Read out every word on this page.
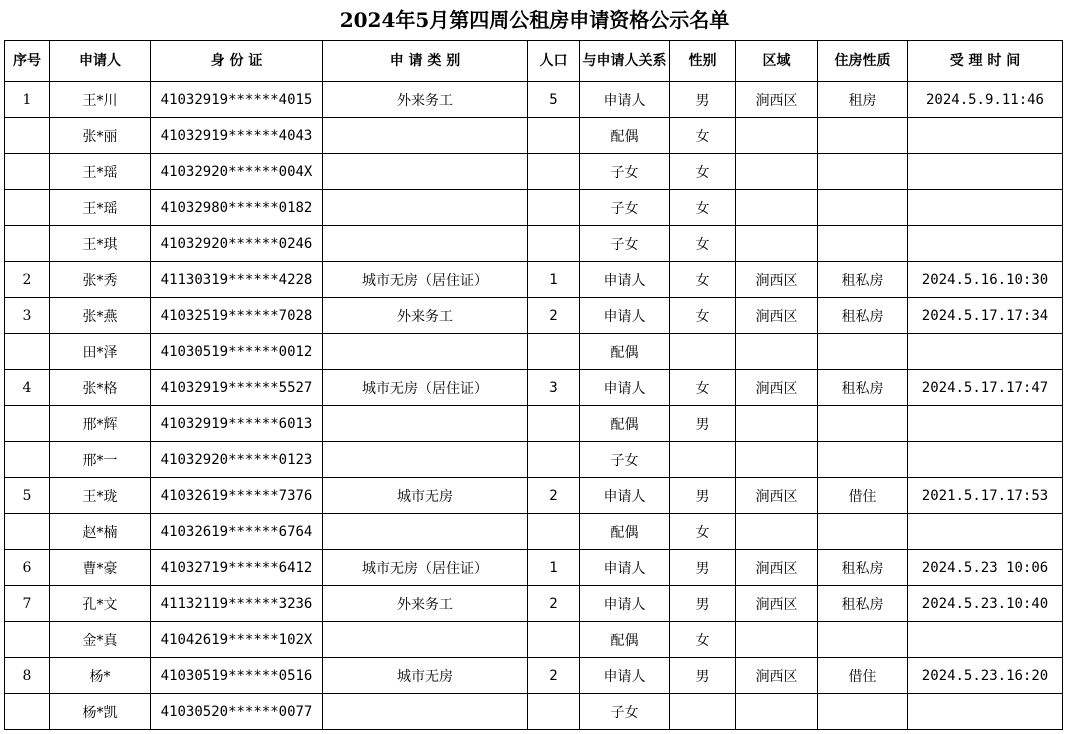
2024年5月第四周公租房申请资格公示名单
序号	申请人	身 份 证	申 请 类 别	人口	与申请人关系	性别	区域	住房性质	受 理 时 间
1	王*川	41032919******4015	外来务工	5	申请人	男	涧西区	租房	2024.5.9.11:46
	张*丽	41032919******4043			配偶	女			
	王*瑶	41032920******004X			子女	女			
	王*瑶	41032980******0182			子女	女			
	王*琪	41032920******0246			子女	女			
2	张*秀	41130319******4228	城市无房（居住证）	1	申请人	女	涧西区	租私房	2024.5.16.10:30
3	张*燕	41032519******7028	外来务工	2	申请人	女	涧西区	租私房	2024.5.17.17:34
	田*泽	41030519******0012			配偶				
4	张*格	41032919******5527	城市无房（居住证）	3	申请人	女	涧西区	租私房	2024.5.17.17:47
	邢*辉	41032919******6013			配偶	男			
	邢*一	41032920******0123			子女				
5	王*珑	41032619******7376	城市无房	2	申请人	男	涧西区	借住	2021.5.17.17:53
	赵*楠	41032619******6764			配偶	女			
6	曹*豪	41032719******6412	城市无房（居住证）	1	申请人	男	涧西区	租私房	2024.5.23 10:06
7	孔*文	41132119******3236	外来务工	2	申请人	男	涧西区	租私房	2024.5.23.10:40
	金*真	41042619******102X			配偶	女			
8	杨*	41030519******0516	城市无房	2	申请人	男	涧西区	借住	2024.5.23.16:20
	杨*凯	41030520******0077			子女				
